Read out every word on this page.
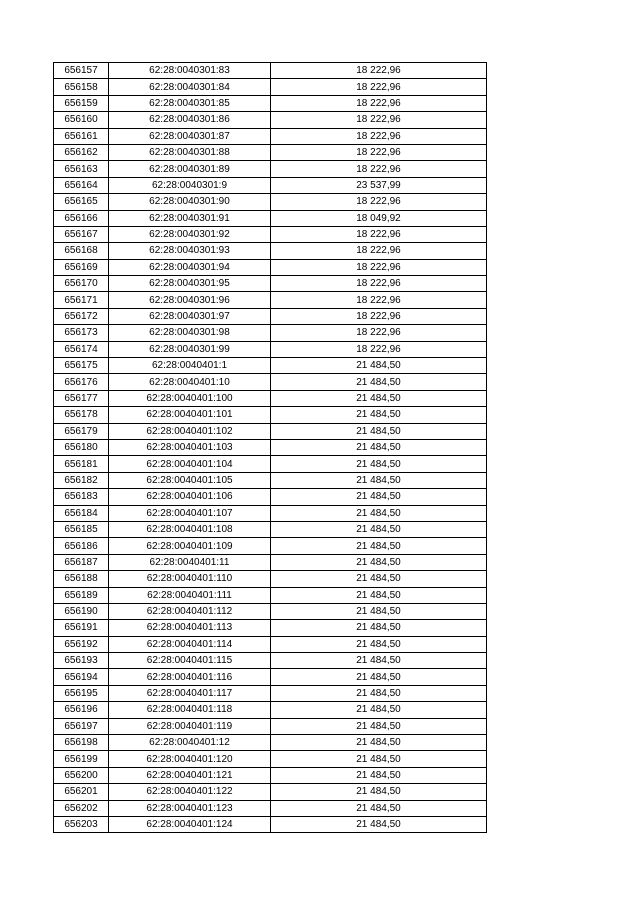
656157	62:28:0040301:83	18 222,96
656158	62:28:0040301:84	18 222,96
656159	62:28:0040301:85	18 222,96
656160	62:28:0040301:86	18 222,96
656161	62:28:0040301:87	18 222,96
656162	62:28:0040301:88	18 222,96
656163	62:28:0040301:89	18 222,96
656164	62:28:0040301:9	23 537,99
656165	62:28:0040301:90	18 222,96
656166	62:28:0040301:91	18 049,92
656167	62:28:0040301:92	18 222,96
656168	62:28:0040301:93	18 222,96
656169	62:28:0040301:94	18 222,96
656170	62:28:0040301:95	18 222,96
656171	62:28:0040301:96	18 222,96
656172	62:28:0040301:97	18 222,96
656173	62:28:0040301:98	18 222,96
656174	62:28:0040301:99	18 222,96
656175	62:28:0040401:1	21 484,50
656176	62:28:0040401:10	21 484,50
656177	62:28:0040401:100	21 484,50
656178	62:28:0040401:101	21 484,50
656179	62:28:0040401:102	21 484,50
656180	62:28:0040401:103	21 484,50
656181	62:28:0040401:104	21 484,50
656182	62:28:0040401:105	21 484,50
656183	62:28:0040401:106	21 484,50
656184	62:28:0040401:107	21 484,50
656185	62:28:0040401:108	21 484,50
656186	62:28:0040401:109	21 484,50
656187	62:28:0040401:11	21 484,50
656188	62:28:0040401:110	21 484,50
656189	62:28:0040401:111	21 484,50
656190	62:28:0040401:112	21 484,50
656191	62:28:0040401:113	21 484,50
656192	62:28:0040401:114	21 484,50
656193	62:28:0040401:115	21 484,50
656194	62:28:0040401:116	21 484,50
656195	62:28:0040401:117	21 484,50
656196	62:28:0040401:118	21 484,50
656197	62:28:0040401:119	21 484,50
656198	62:28:0040401:12	21 484,50
656199	62:28:0040401:120	21 484,50
656200	62:28:0040401:121	21 484,50
656201	62:28:0040401:122	21 484,50
656202	62:28:0040401:123	21 484,50
656203	62:28:0040401:124	21 484,50
